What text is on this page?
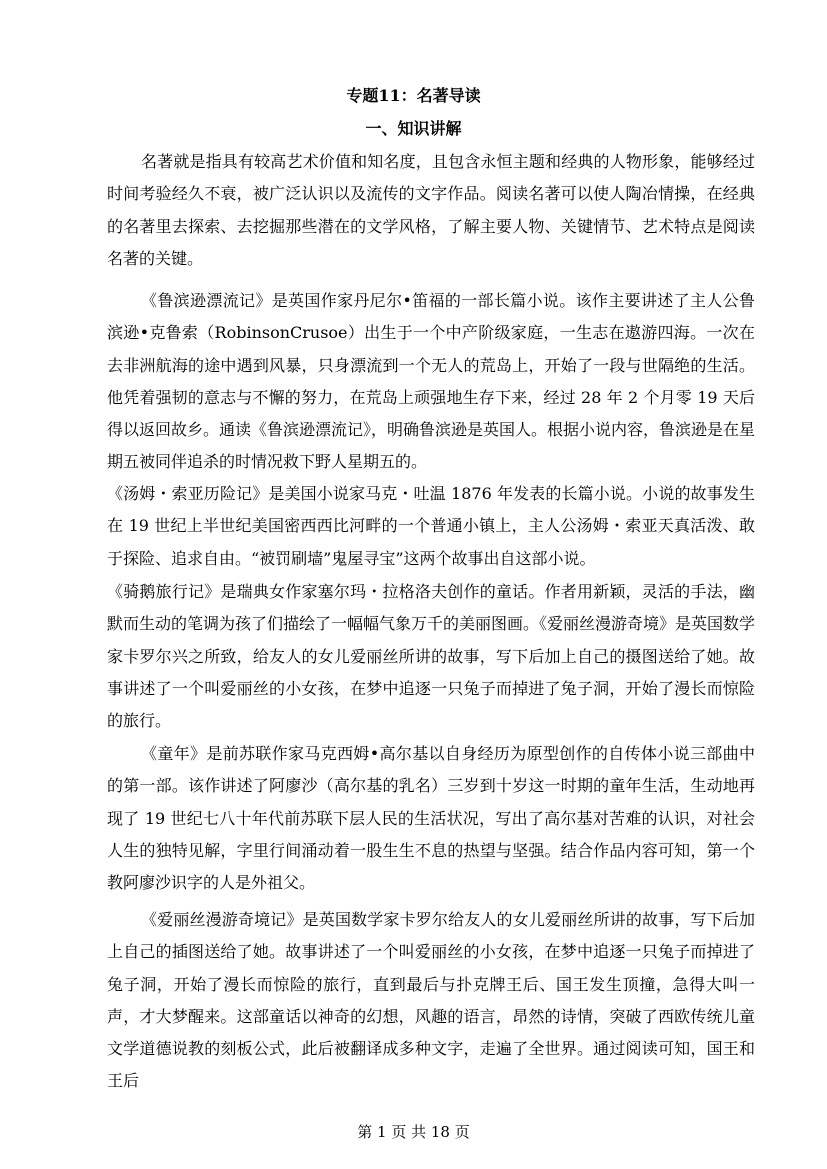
专题11：名著导读
一、知识讲解
名著就是指具有较高艺术价值和知名度，且包含永恒主题和经典的人物形象，能够经过时间考验经久不衰，被广泛认识以及流传的文字作品。阅读名著可以使人陶冶情操，在经典的名著里去探索、去挖掘那些潜在的文学风格，了解主要人物、关键情节、艺术特点是阅读名著的关键。
《鲁滨逊漂流记》是英国作家丹尼尔•笛福的一部长篇小说。该作主要讲述了主人公鲁滨逊•克鲁索（RobinsonCrusoe）出生于一个中产阶级家庭，一生志在遨游四海。一次在去非洲航海的途中遇到风暴，只身漂流到一个无人的荒岛上，开始了一段与世隔绝的生活。他凭着强韧的意志与不懈的努力，在荒岛上顽强地生存下来，经过 28 年 2 个月零 19 天后得以返回故乡。通读《鲁滨逊漂流记》，明确鲁滨逊是英国人。根据小说内容，鲁滨逊是在星期五被同伴追杀的时情况救下野人星期五的。
《汤姆・索亚历险记》是美国小说家马克・吐温 1876 年发表的长篇小说。小说的故事发生在 19 世纪上半世纪美国密西西比河畔的一个普通小镇上，主人公汤姆・索亚天真活泼、敢于探险、追求自由。“被罚刷墙”鬼屋寻宝”这两个故事出自这部小说。
《骑鹅旅行记》是瑞典女作家塞尔玛・拉格洛夫创作的童话。作者用新颖，灵活的手法，幽默而生动的笔调为孩了们描绘了一幅幅气象万千的美丽图画。《爱丽丝漫游奇境》是英国数学家卡罗尔兴之所致，给友人的女儿爱丽丝所讲的故事，写下后加上自己的摄图送给了她。故事讲述了一个叫爱丽丝的小女孩，在梦中追逐一只兔子而掉进了兔子洞，开始了漫长而惊险的旅行。
《童年》是前苏联作家马克西姆•高尔基以自身经历为原型创作的自传体小说三部曲中的第一部。该作讲述了阿廖沙（高尔基的乳名）三岁到十岁这一时期的童年生活，生动地再现了 19 世纪七八十年代前苏联下层人民的生活状况，写出了高尔基对苦难的认识，对社会人生的独特见解，字里行间涌动着一股生生不息的热望与坚强。结合作品内容可知，第一个教阿廖沙识字的人是外祖父。
《爱丽丝漫游奇境记》是英国数学家卡罗尔给友人的女儿爱丽丝所讲的故事，写下后加上自己的插图送给了她。故事讲述了一个叫爱丽丝的小女孩，在梦中追逐一只兔子而掉进了兔子洞，开始了漫长而惊险的旅行，直到最后与扑克牌王后、国王发生顶撞，急得大叫一声，才大梦醒来。这部童话以神奇的幻想，风趣的语言，昂然的诗情，突破了西欧传统儿童文学道德说教的刻板公式，此后被翻译成多种文字，走遍了全世界。通过阅读可知，国王和王后
第 1 页 共 18 页
